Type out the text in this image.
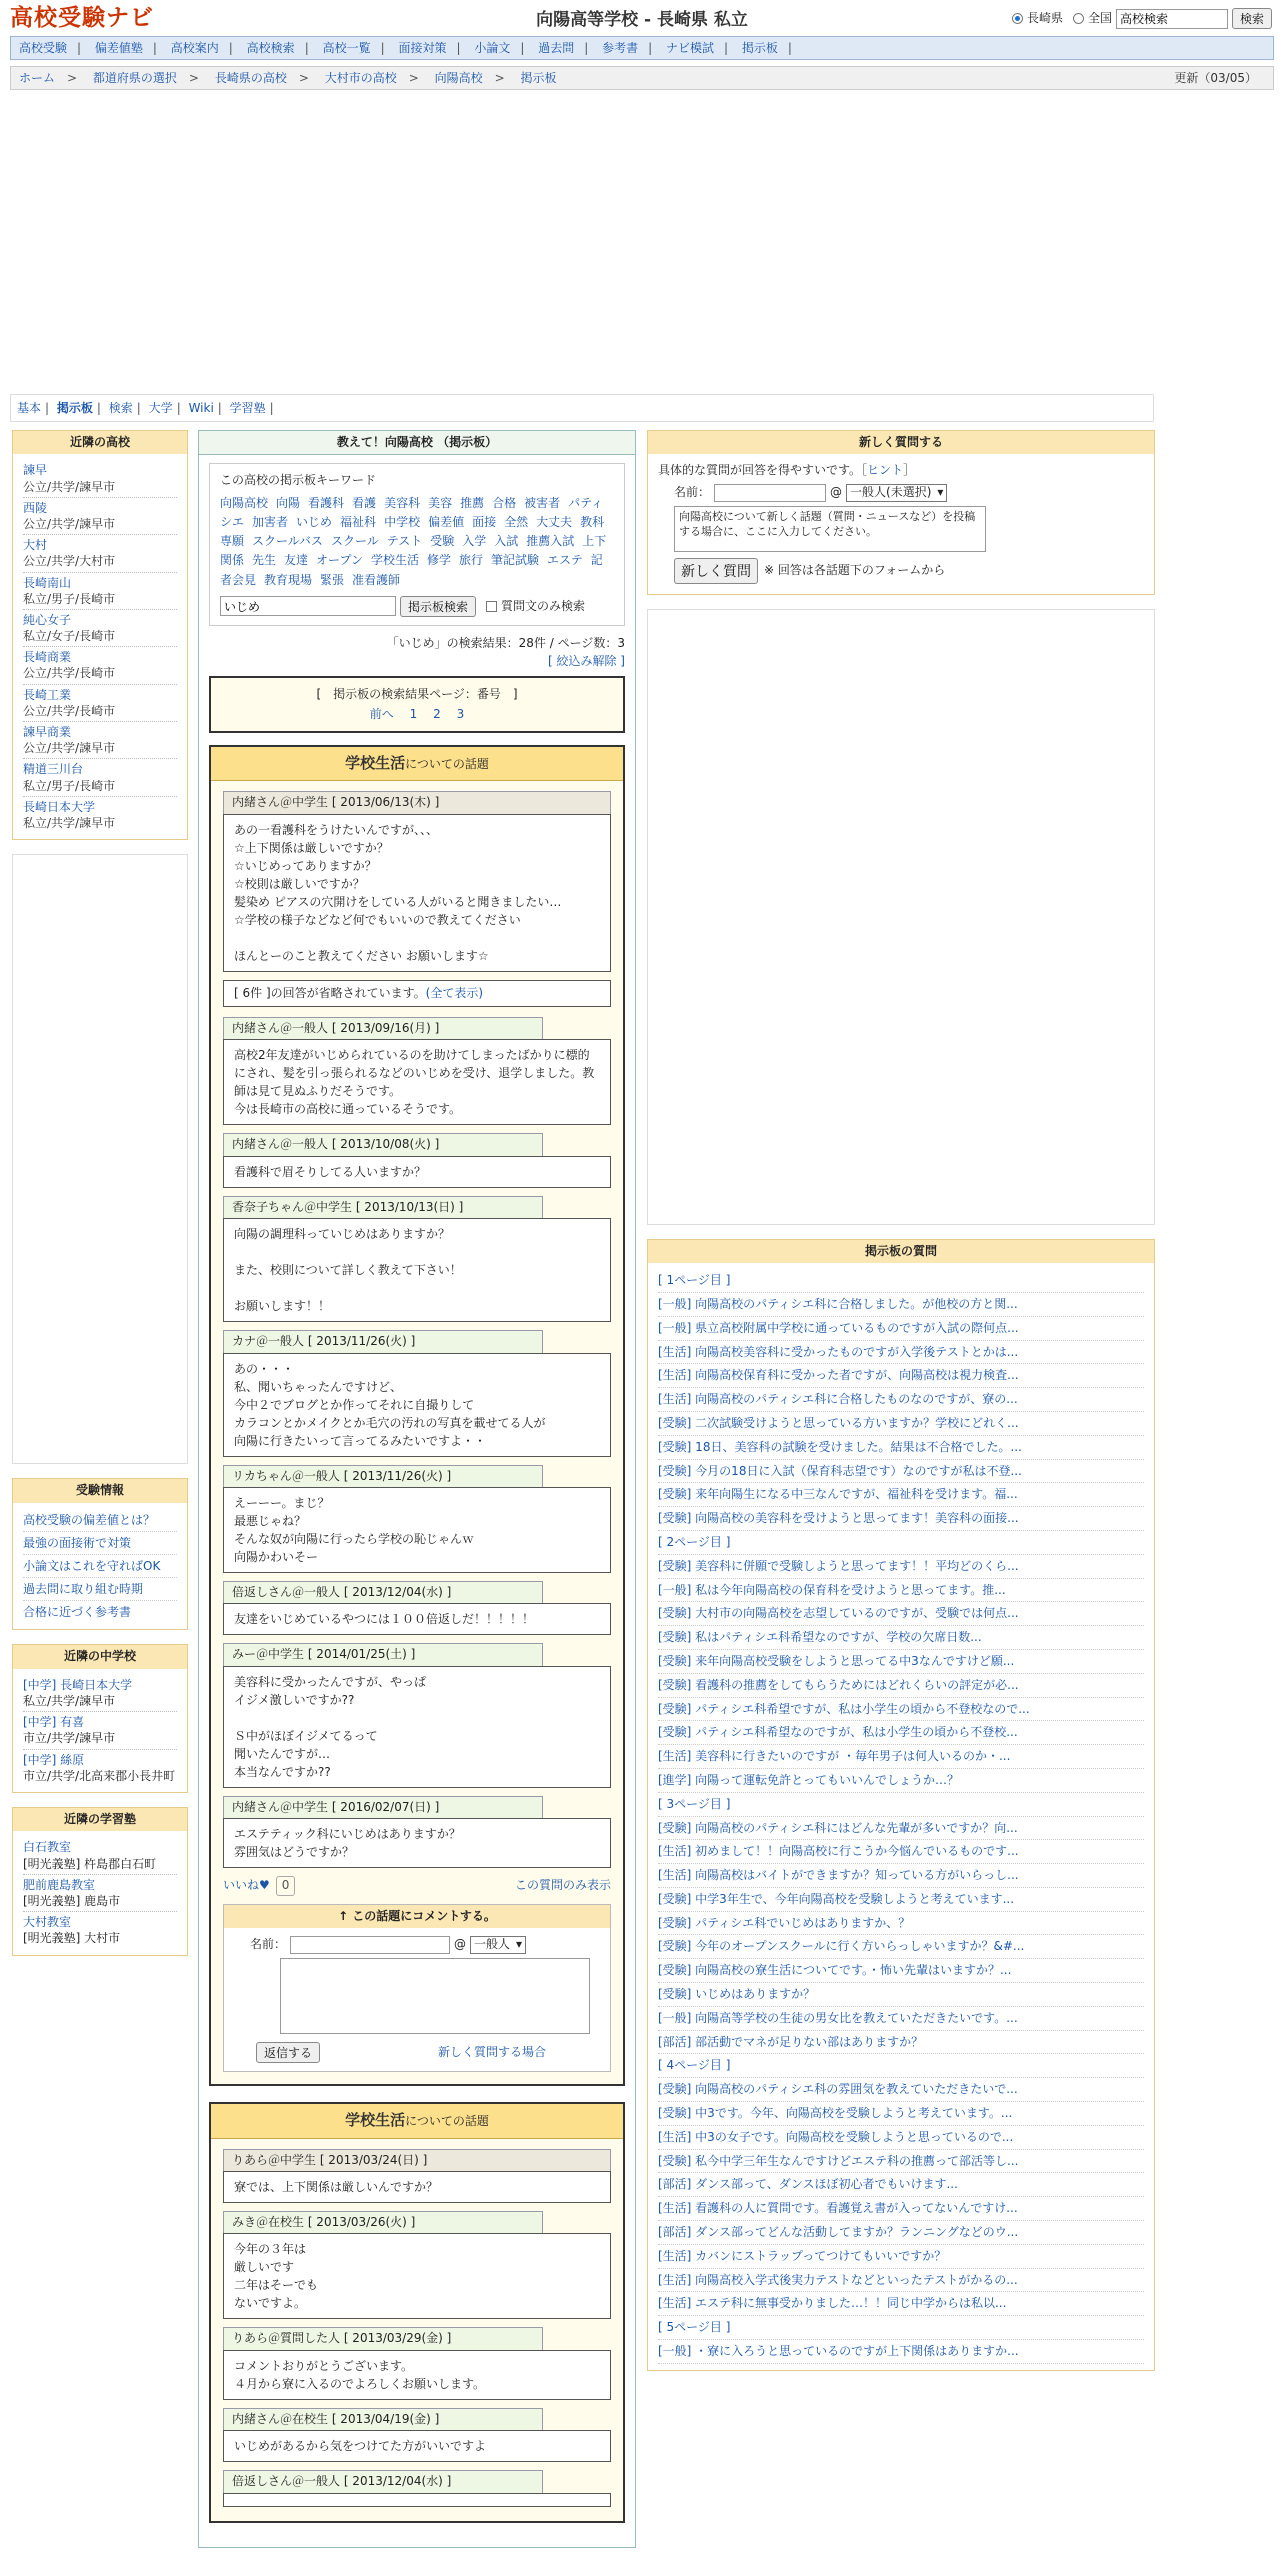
高校受験ナビ	向陽高等学校 - 長崎県 私立	長崎県 全国
高校検索	検索
高校受験 | 偏差値塾 | 高校案内 | 高校検索 | 高校一覧 | 面接対策 | 小論文 | 過去問 | 参考書 | ナビ模試 | 掲示板 |
ホーム > 都道府県の選択 > 長崎県の高校 > 大村市の高校 > 向陽高校 > 掲示板	更新（03/05）
基本 | 掲示板 | 検索 | 大学 | Wiki | 学習塾 |
近隣の高校
諫早
公立/共学/諫早市
西陵
公立/共学/諫早市
大村
公立/共学/大村市
長崎南山
私立/男子/長崎市
純心女子
私立/女子/長崎市
長崎商業
公立/共学/長崎市
長崎工業
公立/共学/長崎市
諫早商業
公立/共学/諫早市
精道三川台
私立/男子/長崎市
長崎日本大学
私立/共学/諫早市
受験情報
高校受験の偏差値とは？
最強の面接術で対策
小論文はこれを守ればOK
過去問に取り組む時期
合格に近づく参考書
近隣の中学校
[中学] 長崎日本大学
私立/共学/諫早市
[中学] 有喜
市立/共学/諫早市
[中学] 絲原
市立/共学/北高来郡小長井町
近隣の学習塾
白石教室
[明光義塾] 杵島郡白石町
肥前鹿島教室
[明光義塾] 鹿島市
大村教室
[明光義塾] 大村市
教えて！向陽高校 （掲示板）
この高校の掲示板キーワード
向陽高校 向陽 看護科 看護 美容科 美容 推薦 合格 被害者 パティシエ 加害者 いじめ 福祉科 中学校 偏差値 面接 全然 大丈夫 教科専願 スクールバス スクール テスト 受験 入学 入試 推薦入試 上下関係 先生 友達 オープン 学校生活 修学 旅行 筆記試験 エステ 記者会見 教育現場 緊張 准看護師
いじめ
掲示板検索	質問文のみ検索
「いじめ」の検索結果：28件 / ページ数：3
[ 絞込み解除 ]
[　掲示板の検索結果ページ：番号　]
前へ 1 2 3
学校生活についての話題
内緒さん＠中学生 [ 2013/06/13(木) ]
あの一看護科をうけたいんですが、、、
☆上下関係は厳しいですか？
☆いじめってありますか？
☆校則は厳しいですか？
髪染め ピアスの穴開けをしている人がいると聞きましたい…
☆学校の様子などなど何でもいいので教えてください

ほんとーのこと教えてください お願いします☆
[ 6件 ]の回答が省略されています。(全て表示)
内緒さん＠一般人 [ 2013/09/16(月) ]
高校2年友達がいじめられているのを助けてしまったばかりに標的にされ、髪を引っ張られるなどのいじめを受け、退学しました。教師は見て見ぬふりだそうです。
今は長崎市の高校に通っているそうです。
内緒さん＠一般人 [ 2013/10/08(火) ]
看護科で眉そりしてる人いますか？
香奈子ちゃん＠中学生 [ 2013/10/13(日) ]
向陽の調理科っていじめはありますか？

また、校則について詳しく教えて下さい！

お願いします！！
カナ＠一般人 [ 2013/11/26(火) ]
あの・・・
私、聞いちゃったんですけど、
今中２でブログとか作ってそれに自撮りして
カラコンとかメイクとか毛穴の汚れの写真を載せてる人が
向陽に行きたいって言ってるみたいですよ・・
リカちゃん＠一般人 [ 2013/11/26(火) ]
えーーー。まじ？
最悪じゃね？
そんな奴が向陽に行ったら学校の恥じゃんｗ
向陽かわいそー
倍返しさん＠一般人 [ 2013/12/04(水) ]
友達をいじめているやつには１００倍返しだ！！！！！
みー＠中学生 [ 2014/01/25(土) ]
美容科に受かったんですが、やっぱ
イジメ激しいですか??

Ｓ中がほぼイジメてるって
聞いたんですが…
本当なんですか??
内緒さん＠中学生 [ 2016/02/07(日) ]
エステティック科にいじめはありますか？
雰囲気はどうですか？
いいね♥	0	この質問のみ表示
↑ この話題にコメントする。
名前：	@ 一般人 ▾
返信する	新しく質問する場合
学校生活についての話題
りあら＠中学生 [ 2013/03/24(日) ]
寮では、上下関係は厳しいんですか？
みき＠在校生 [ 2013/03/26(火) ]
今年の３年は
厳しいです
二年はそーでも
ないですよ。
りあら＠質問した人 [ 2013/03/29(金) ]
コメントおりがとうございます。
４月から寮に入るのでよろしくお願いします。
内緒さん＠在校生 [ 2013/04/19(金) ]
いじめがあるから気をつけてた方がいいですよ
倍返しさん＠一般人 [ 2013/12/04(水) ]
新しく質問する
具体的な質問が回答を得やすいです。［ヒント］
名前：	@ 一般人(未選択) ▾
向陽高校について新しく話題（質問・ニュースなど）を投稿する場合に、ここに入力してください。
新しく質問	※ 回答は各話題下のフォームから
掲示板の質問
[ 1ページ目 ]
[一般] 向陽高校のパティシエ科に合格しました。が他校の方と関...
[一般] 県立高校附属中学校に通っているものですが入試の際何点...
[生活] 向陽高校美容科に受かったものですが入学後テストとかは...
[生活] 向陽高校保育科に受かった者ですが、向陽高校は視力検査...
[生活] 向陽高校のパティシエ科に合格したものなのですが、寮の...
[受験] 二次試験受けようと思っている方いますか？学校にどれく...
[受験] 18日、美容科の試験を受けました。結果は不合格でした。...
[受験] 今月の18日に入試（保育科志望です）なのですが私は不登...
[受験] 来年向陽生になる中三なんですが、福祉科を受けます。福...
[受験] 向陽高校の美容科を受けようと思ってます！美容科の面接...
[ 2ページ目 ]
[受験] 美容科に併願で受験しようと思ってます！！平均どのくら...
[一般] 私は今年向陽高校の保育科を受けようと思ってます。推...
[受験] 大村市の向陽高校を志望しているのですが、受験では何点...
[受験] 私はパティシエ科希望なのですが、学校の欠席日数...
[受験] 来年向陽高校受験をしようと思ってる中3なんですけど願...
[受験] 看護科の推薦をしてもらうためにはどれくらいの評定が必...
[受験] パティシエ科希望ですが、私は小学生の頃から不登校なので...
[受験] パティシエ科希望なのですが、私は小学生の頃から不登校...
[生活] 美容科に行きたいのですが ・毎年男子は何人いるのか・...
[進学] 向陽って運転免許とってもいいんでしょうか…？
[ 3ページ目 ]
[受験] 向陽高校のパティシエ科にはどんな先輩が多いですか？向...
[生活] 初めまして！！向陽高校に行こうか今悩んでいるものです...
[生活] 向陽高校はバイトができますか？知っている方がいらっし...
[受験] 中学3年生で、今年向陽高校を受験しようと考えています...
[受験] パティシエ科でいじめはありますか、？
[受験] 今年のオープンスクールに行く方いらっしゃいますか？&#...
[受験] 向陽高校の寮生活についてです。・怖い先輩はいますか？...
[受験] いじめはありますか？
[一般] 向陽高等学校の生徒の男女比を教えていただきたいです。...
[部活] 部活動でマネが足りない部はありますか？
[ 4ページ目 ]
[受験] 向陽高校のパティシエ科の雰囲気を教えていただきたいで...
[受験] 中3です。今年、向陽高校を受験しようと考えています。...
[生活] 中3の女子です。向陽高校を受験しようと思っているので...
[受験] 私今中学三年生なんですけどエステ科の推薦って部活等し...
[部活] ダンス部って、ダンスほぼ初心者でもいけます...
[生活] 看護科の人に質問です。看護覚え書が入ってないんですけ...
[部活] ダンス部ってどんな活動してますか？ランニングなどのウ...
[生活] カバンにストラップってつけてもいいですか？
[生活] 向陽高校入学式後実力テストなどといったテストがかるの...
[生活] エステ科に無事受かりました…！！同じ中学からは私以...
[ 5ページ目 ]
[一般] ・寮に入ろうと思っているのですが上下関係はありますか...
